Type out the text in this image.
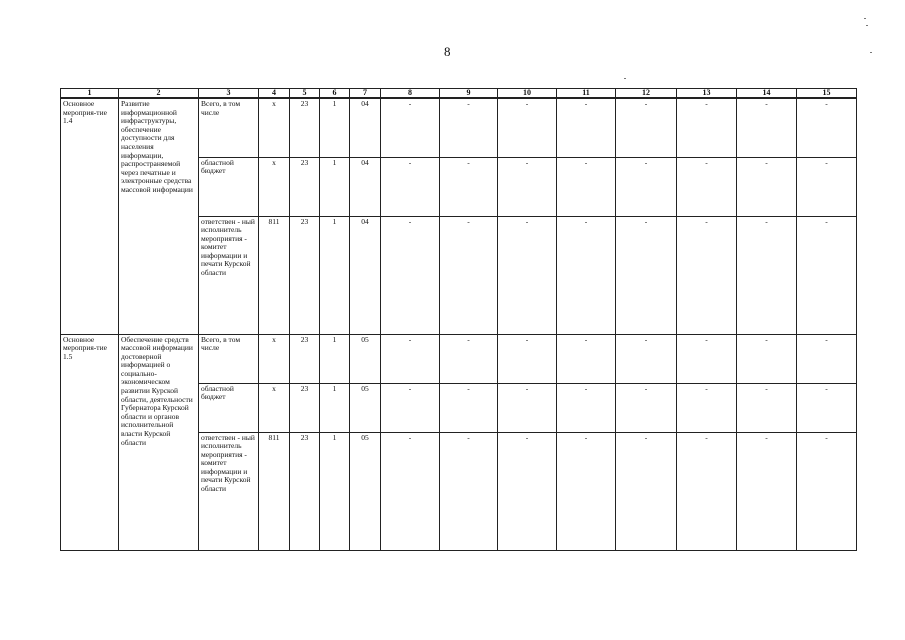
8
1	2	3	4	5	6	7	8	9	10	11	12	13	14	15
Основное мероприя-тие 1.4	Развитие информационной инфраструктуры, обеспечение доступности для населения информации, распространяемой через печатные и электронные средства массовой информации	Всего, в том числе	х	23	1	04	-	-	-	-	-	-	-	-
		областной бюджет	х	23	1	04	-	-	-	-	-	-	-	-
		ответствен - ный исполнитель мероприятия - комитет информации и печати Курской области	811	23	1	04	-	-	-	-	-	-	-	-
Основное мероприя-тие 1.5	Обеспечение средств массовой информации достоверной информацией о социально-экономическом развитии Курской области, деятельности Губернатора Курской области и органов исполнительной власти Курской области	Всего, в том числе	х	23	1	05	-	-	-	-	-	-	-	-
		областной бюджет	х	23	1	05	-	-	-	-	-	-	-	-
		ответствен - ный исполнитель мероприятия - комитет информации и печати Курской области	811	23	1	05	-	-	-	-	-	-	-	-
